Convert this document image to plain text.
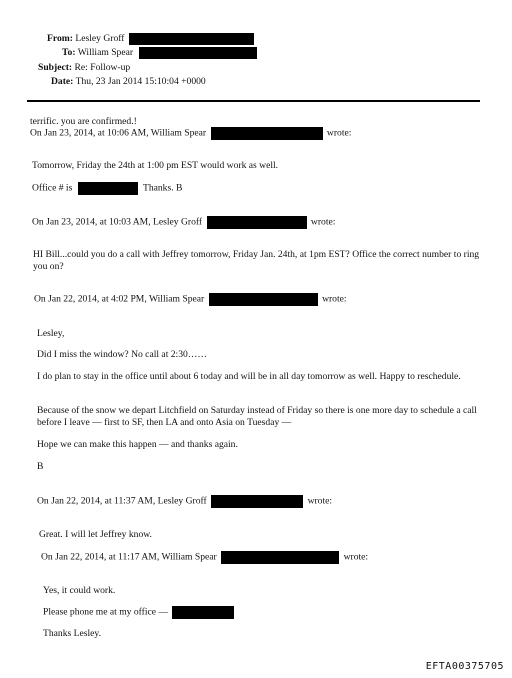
From: Lesley Groff
To: William Spear
Subject: Re: Follow-up
Date: Thu, 23 Jan 2014 15:10:04 +0000
terrific. you are confirmed.!
On Jan 23, 2014, at 10:06 AM, William Spear	wrote:
Tomorrow, Friday the 24th at 1:00 pm EST would work as well.
Office # is	Thanks. B
On Jan 23, 2014, at 10:03 AM, Lesley Groff	wrote:
HI Bill...could you do a call with Jeffrey tomorrow, Friday Jan. 24th, at 1pm EST? Office the correct number to ring you on?
On Jan 22, 2014, at 4:02 PM, William Spear	wrote:
Lesley,
Did I miss the window? No call at 2:30……
I do plan to stay in the office until about 6 today and will be in all day tomorrow as well. Happy to reschedule.
Because of the snow we depart Litchfield on Saturday instead of Friday so there is one more day to schedule a call before I leave — first to SF, then LA and onto Asia on Tuesday —
Hope we can make this happen — and thanks again.
B
On Jan 22, 2014, at 11:37 AM, Lesley Groff	wrote:
Great. I will let Jeffrey know.
On Jan 22, 2014, at 11:17 AM, William Spear	wrote:
Yes, it could work.
Please phone me at my office —
Thanks Lesley.
EFTA00375705
